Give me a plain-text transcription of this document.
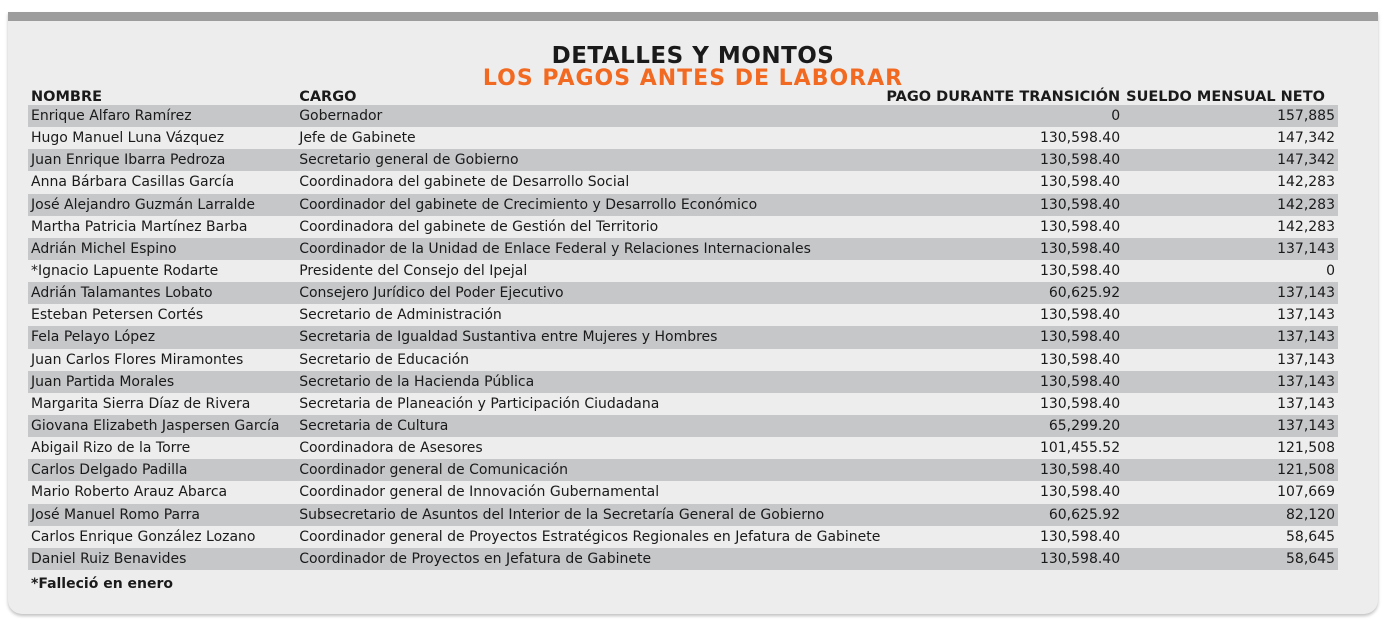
DETALLES Y MONTOS
LOS PAGOS ANTES DE LABORAR
NOMBRE	CARGO	PAGO DURANTE TRANSICIÓN	SUELDO MENSUAL NETO
Enrique Alfaro Ramírez	Gobernador	0	157,885
Hugo Manuel Luna Vázquez	Jefe de Gabinete	130,598.40	147,342
Juan Enrique Ibarra Pedroza	Secretario general de Gobierno	130,598.40	147,342
Anna Bárbara Casillas García	Coordinadora del gabinete de Desarrollo Social	130,598.40	142,283
José Alejandro Guzmán Larralde	Coordinador del gabinete de Crecimiento y Desarrollo Económico	130,598.40	142,283
Martha Patricia Martínez Barba	Coordinadora del gabinete de Gestión del Territorio	130,598.40	142,283
Adrián Michel Espino	Coordinador de la Unidad de Enlace Federal y Relaciones Internacionales	130,598.40	137,143
*Ignacio Lapuente Rodarte	Presidente del Consejo del Ipejal	130,598.40	0
Adrián Talamantes Lobato	Consejero Jurídico del Poder Ejecutivo	60,625.92	137,143
Esteban Petersen Cortés	Secretario de Administración	130,598.40	137,143
Fela Pelayo López	Secretaria de Igualdad Sustantiva entre Mujeres y Hombres	130,598.40	137,143
Juan Carlos Flores Miramontes	Secretario de Educación	130,598.40	137,143
Juan Partida Morales	Secretario de la Hacienda Pública	130,598.40	137,143
Margarita Sierra Díaz de Rivera	Secretaria de Planeación y Participación Ciudadana	130,598.40	137,143
Giovana Elizabeth Jaspersen García	Secretaria de Cultura	65,299.20	137,143
Abigail Rizo de la Torre	Coordinadora de Asesores	101,455.52	121,508
Carlos Delgado Padilla	Coordinador general de Comunicación	130,598.40	121,508
Mario Roberto Arauz Abarca	Coordinador general de Innovación Gubernamental	130,598.40	107,669
José Manuel Romo Parra	Subsecretario de Asuntos del Interior de la Secretaría General de Gobierno	60,625.92	82,120
Carlos Enrique González Lozano	Coordinador general de Proyectos Estratégicos Regionales en Jefatura de Gabinete	130,598.40	58,645
Daniel Ruiz Benavides	Coordinador de Proyectos en Jefatura de Gabinete	130,598.40	58,645
*Falleció en enero
